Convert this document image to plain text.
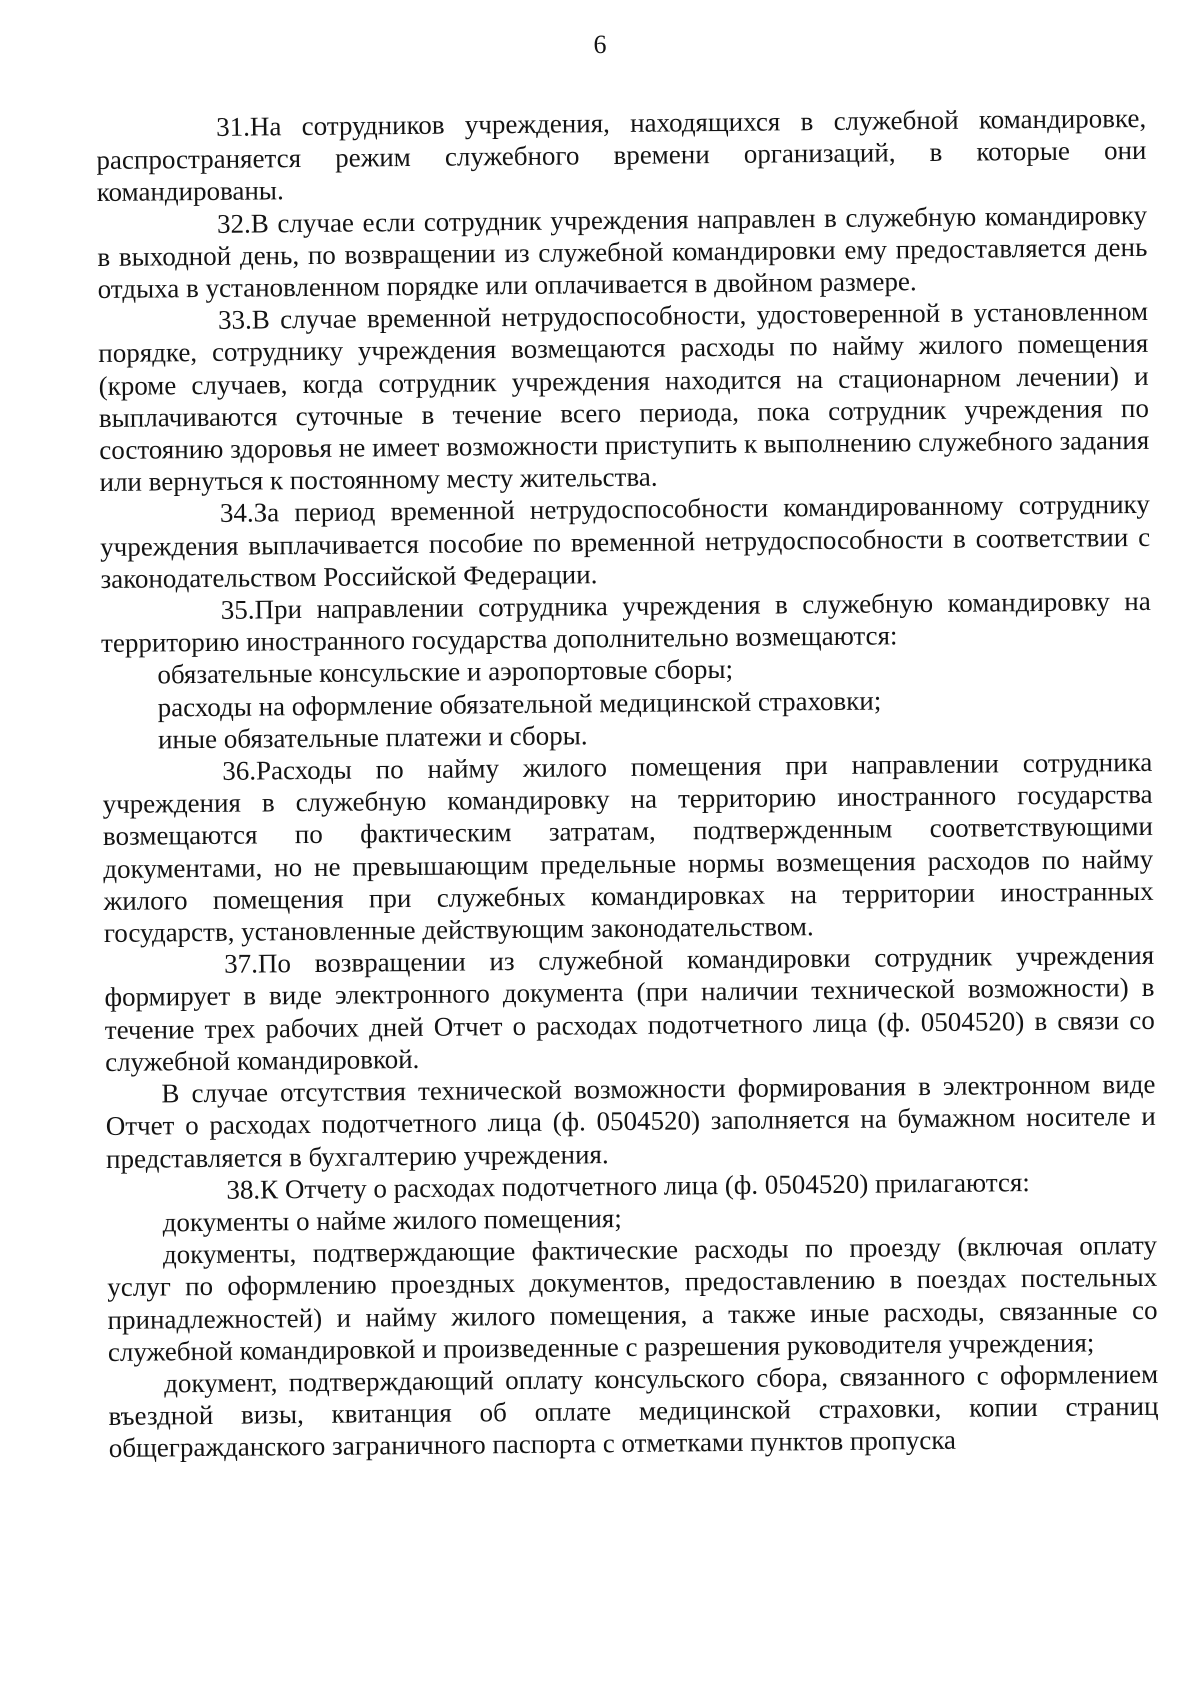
6

31.На сотрудников учреждения, находящихся в служебной командировке, распространяется режим служебного времени организаций, в которые они командированы.

32.В случае если сотрудник учреждения направлен в служебную командировку в выходной день, по возвращении из служебной командировки ему предоставляется день отдыха в установленном порядке или оплачивается в двойном размере.

33.В случае временной нетрудоспособности, удостоверенной в установленном порядке, сотруднику учреждения возмещаются расходы по найму жилого помещения (кроме случаев, когда сотрудник учреждения находится на стационарном лечении) и выплачиваются суточные в течение всего периода, пока сотрудник учреждения по состоянию здоровья не имеет возможности приступить к выполнению служебного задания или вернуться к постоянному месту жительства.

34.За период временной нетрудоспособности командированному сотруднику учреждения выплачивается пособие по временной нетрудоспособности в соответствии с законодательством Российской Федерации.

35.При направлении сотрудника учреждения в служебную командировку на территорию иностранного государства дополнительно возмещаются:

обязательные консульские и аэропортовые сборы;

расходы на оформление обязательной медицинской страховки;

иные обязательные платежи и сборы.

36.Расходы по найму жилого помещения при направлении сотрудника учреждения в служебную командировку на территорию иностранного государства возмещаются по фактическим затратам, подтвержденным соответствующими документами, но не превышающим предельные нормы возмещения расходов по найму жилого помещения при служебных командировках на территории иностранных государств, установленные действующим законодательством.

37.По возвращении из служебной командировки сотрудник учреждения формирует в виде электронного документа (при наличии технической возможности) в течение трех рабочих дней Отчет о расходах подотчетного лица (ф. 0504520) в связи со служебной командировкой.

В случае отсутствия технической возможности формирования в электронном виде Отчет о расходах подотчетного лица (ф. 0504520) заполняется на бумажном носителе и представляется в бухгалтерию учреждения.

38.К Отчету о расходах подотчетного лица (ф. 0504520) прилагаются:

документы о найме жилого помещения;

документы, подтверждающие фактические расходы по проезду (включая оплату услуг по оформлению проездных документов, предоставлению в поездах постельных принадлежностей) и найму жилого помещения, а также иные расходы, связанные со служебной командировкой и произведенные с разрешения руководителя учреждения;

документ, подтверждающий оплату консульского сбора, связанного с оформлением въездной визы, квитанция об оплате медицинской страховки, копии страниц общегражданского заграничного паспорта с отметками пунктов пропуска
